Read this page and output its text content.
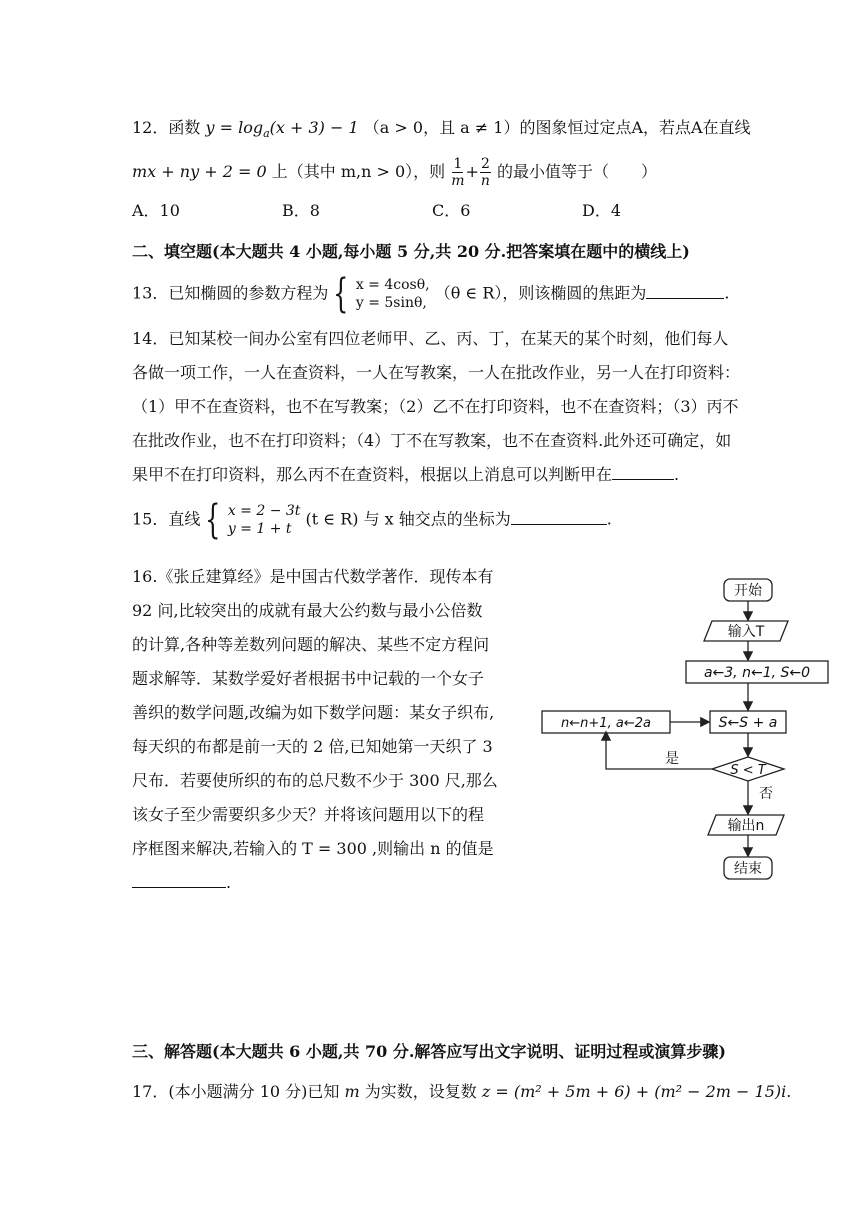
12．函数 $y = \log_a(x + 3) - 1$ （a > 0，且 a ≠ 1）的图象恒过定点A，若点A在直线
mx + ny + 2 = 0 上（其中 m,n > 0），则 $\frac{1}{m} + \frac{2}{n}$ 的最小值等于（　　）
A．10	B．8	C．6	D．4
二、填空题(本大题共 4 小题,每小题 5 分,共 20 分.把答案填在题中的横线上)
13．已知椭圆的参数方程为 { x = 4cosθ,
y = 5sinθ,
（θ ∈ R），则该椭圆的焦距为	.
14．已知某校一间办公室有四位老师甲、乙、丙、丁，在某天的某个时刻，他们每人
各做一项工作，一人在查资料，一人在写教案，一人在批改作业，另一人在打印资料：
（1）甲不在查资料，也不在写教案；（2）乙不在打印资料，也不在查资料；（3）丙不
在批改作业，也不在打印资料；（4）丁不在写教案，也不在查资料.此外还可确定，如
果甲不在打印资料，那么丙不在查资料，根据以上消息可以判断甲在	.
15．直线 { x = 2 − 3t
y = 1 + t
(t ∈ R) 与 x 轴交点的坐标为	.
16.《张丘建算经》是中国古代数学著作．现传本有
92 问,比较突出的成就有最大公约数与最小公倍数
的计算,各种等差数列问题的解决、某些不定方程问
题求解等．某数学爱好者根据书中记载的一个女子
善织的数学问题,改编为如下数学问题：某女子织布,
每天织的布都是前一天的 2 倍,已知她第一天织了 3
尺布．若要使所织的布的总尺数不少于 300 尺,那么
该女子至少需要织多少天？并将该问题用以下的程
序框图来解决,若输入的 T = 300 ,则输出 n 的值是
.
开始
输入T
a←3, n←1, S←0
S←S + a
S < T
n←n+1, a←2a
是
否
输出n
结束
三、解答题(本大题共 6 小题,共 70 分.解答应写出文字说明、证明过程或演算步骤)
17．(本小题满分 10 分)已知 m 为实数，设复数 z = (m² + 5m + 6) + (m² − 2m − 15)i.
